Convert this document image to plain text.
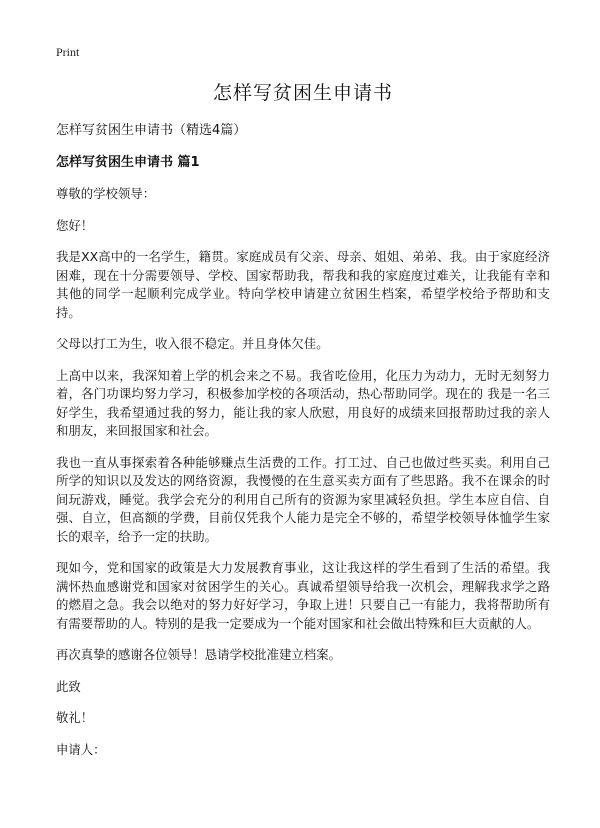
Print
怎样写贫困生申请书
怎样写贫困生申请书（精选4篇）
怎样写贫困生申请书 篇1

尊敬的学校领导：

您好！

我是XX高中的一名学生，籍贯。家庭成员有父亲、母亲、姐姐、弟弟、我。由于家庭经济困难，现在十分需要领导、学校、国家帮助我，帮我和我的家庭度过难关，让我能有幸和其他的同学一起顺利完成学业。特向学校申请建立贫困生档案，希望学校给予帮助和支持。

父母以打工为生，收入很不稳定。并且身体欠佳。

上高中以来，我深知着上学的机会来之不易。我省吃俭用，化压力为动力，无时无刻努力着，各门功课均努力学习，积极参加学校的各项活动，热心帮助同学。现在的 我是一名三好学生，我希望通过我的努力，能让我的家人欣慰，用良好的成绩来回报帮助过我的亲人和朋友，来回报国家和社会。

我也一直从事探索着各种能够赚点生活费的工作。打工过、自己也做过些买卖。利用自己所学的知识以及发达的网络资源，我慢慢的在生意买卖方面有了些思路。我不在课余的时间玩游戏，睡觉。我学会充分的利用自己所有的资源为家里减轻负担。学生本应自信、自强、自立，但高额的学费，目前仅凭我个人能力是完全不够的，希望学校领导体恤学生家长的艰辛，给予一定的扶助。

现如今，党和国家的政策是大力发展教育事业，这让我这样的学生看到了生活的希望。我满怀热血感谢党和国家对贫困学生的关心。真诚希望领导给我一次机会，理解我求学之路的燃眉之急。我会以绝对的努力好好学习，争取上进！只要自己一有能力，我将帮助所有有需要帮助的人。特别的是我一定要成为一个能对国家和社会做出特殊和巨大贡献的人。

再次真挚的感谢各位领导！恳请学校批准建立档案。

此致

敬礼！

申请人：
